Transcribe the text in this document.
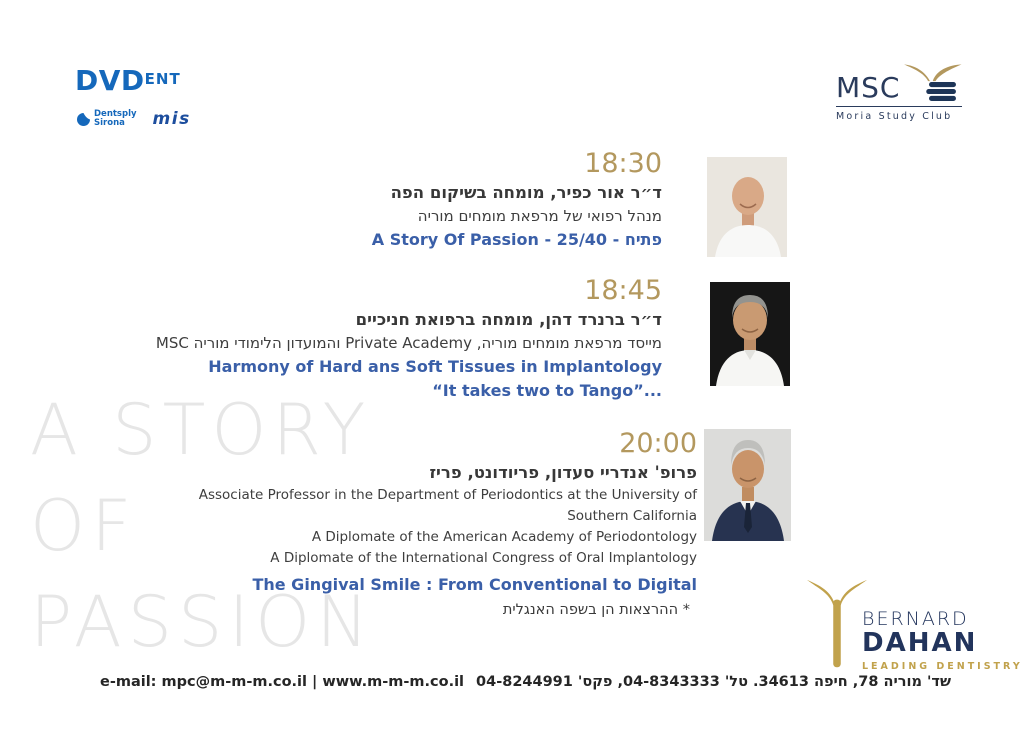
A STORY
OF
PASSION
DVDENT
Dentsply
Sirona	mis
MSC
Moria Study Club
18:30
ד״ר אור כפיר, מומחה בשיקום הפה
מנהל רפואי של מרפאת מומחים מוריה
פתיח - A Story Of Passion - 25/40
18:45
ד״ר ברנרד דהן, מומחה ברפואת חניכיים
מייסד מרפאת מומחים מוריה, Private Academy והמועדון הלימודי מוריה MSC
Harmony of Hard ans Soft Tissues in Implantology
“It takes two to Tango”...
20:00
פרופ' אנדריי סעדון, פריודונט, פריז
Associate Professor in the Department of Periodontics at the University of
Southern California
A Diplomate of the American Academy of Periodontology
A Diplomate of the International Congress of Oral Implantology
The Gingival Smile : From Conventional to Digital
* ההרצאות הן בשפה האנגלית	BERNARD
DAHAN
LEADING DENTISTRY
e-mail: mpc@m-m-m.co.il | www.m-m-m.co.il שד' מוריה 78, חיפה 34613. טל' 04-8343333, פקס' 04-8244991
